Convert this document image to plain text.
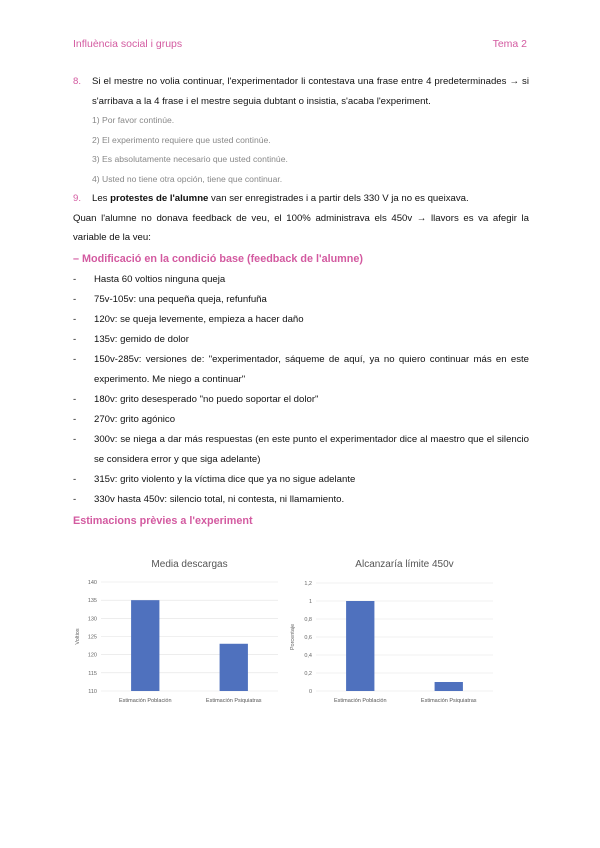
Influència social i grups	Tema 2
8.	Si el mestre no volia continuar, l'experimentador li contestava una frase entre 4 predeterminades → si s'arribava a la 4 frase i el mestre seguia dubtant o insistia, s'acaba l'experiment.
1) Por favor continúe.
2) El experimento requiere que usted continúe.
3) Es absolutamente necesario que usted continúe.
4) Usted no tiene otra opción, tiene que continuar.
9.	Les protestes de l'alumne van ser enregistrades i a partir dels 330 V ja no es queixava.
Quan l'alumne no donava feedback de veu, el 100% administrava els 450v → llavors es va afegir la variable de la veu:
– Modificació en la condició base (feedback de l'alumne)
-	Hasta 60 voltios ninguna queja
-	75v-105v: una pequeña queja, refunfuña
-	120v: se queja levemente, empieza a hacer daño
-	135v: gemido de dolor
-	150v-285v: versiones de: "experimentador, sáqueme de aquí, ya no quiero continuar más en este experimento. Me niego a continuar"
-	180v: grito desesperado "no puedo soportar el dolor"
-	270v: grito agónico
-	300v: se niega a dar más respuestas (en este punto el experimentador dice al maestro que el silencio se considera error y que siga adelante)
-	315v: grito violento y la víctima dice que ya no sigue adelante
-	330v hasta 450v: silencio total, ni contesta, ni llamamiento.
Estimacions prèvies a l'experiment
Media descargas
Voltios
110
115
120
125
130
135
140
Estimación Población	Estimación Psiquiatras
Alcanzaría límite 450v
Porcentaje
0
0,2
0,4
0,6
0,8
1
1,2
Estimación Población	Estimación Psiquiatras
